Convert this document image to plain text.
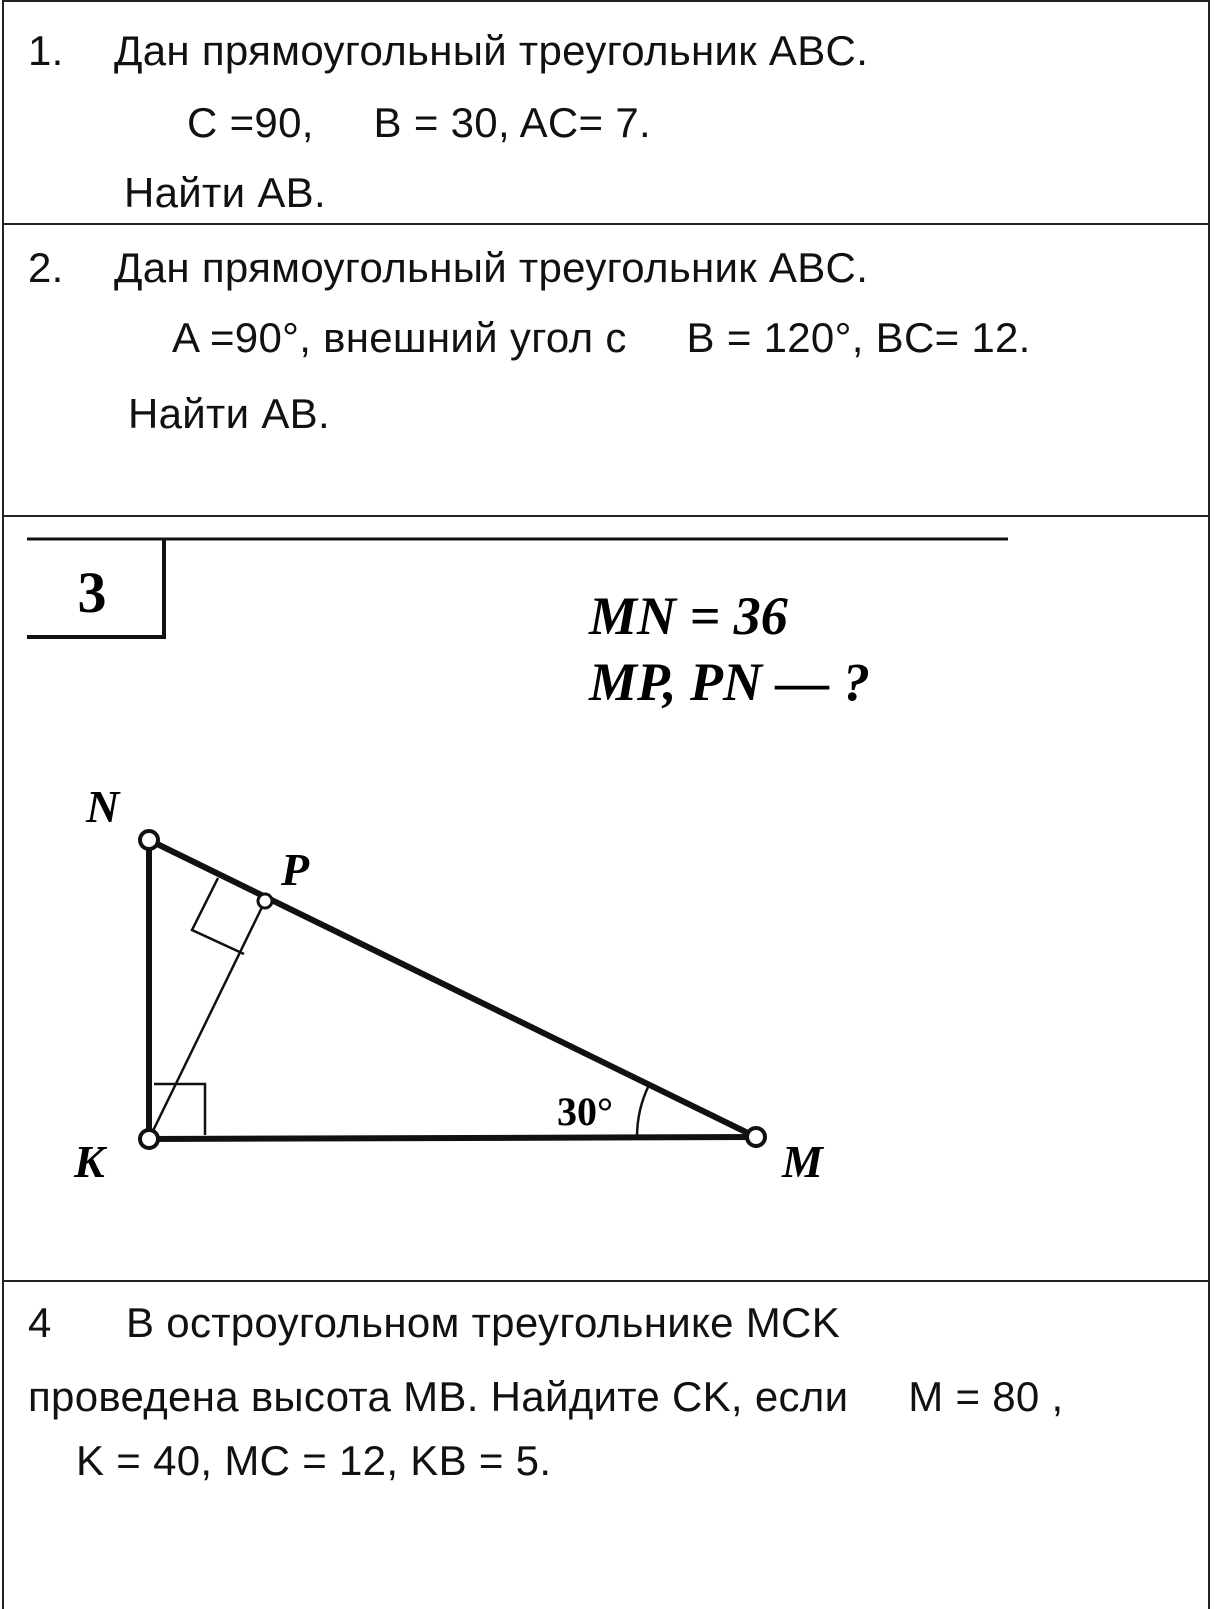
1. Дан прямоугольный треугольник ABC.
C =90,     B = 30, AC= 7.
Найти AB.
2. Дан прямоугольный треугольник ABC.
A =90°, внешний угол с     B = 120°, BC= 12.
Найти AB.
3	MN = 36
MP, PN — ?
30°
N
P
K	M
4 В остроугольном треугольнике MCK
проведена высота MB. Найдите CK, если     M = 80 ,
K = 40, MC = 12, KB = 5.
